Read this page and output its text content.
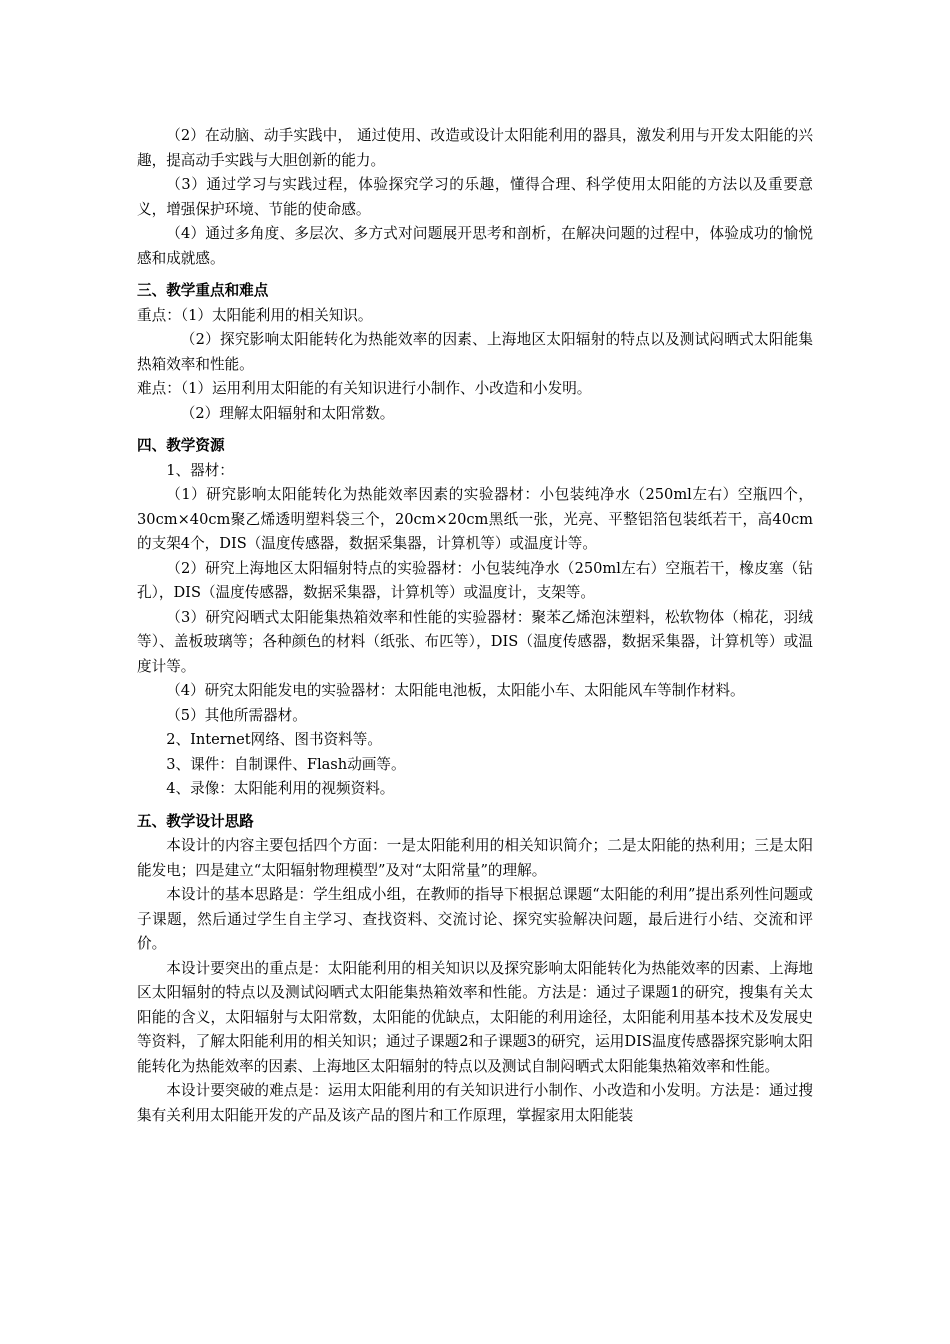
（2）在动脑、动手实践中， 通过使用、改造或设计太阳能利用的器具，激发利用与开发太阳能的兴趣，提高动手实践与大胆创新的能力。

（3）通过学习与实践过程，体验探究学习的乐趣，懂得合理、科学使用太阳能的方法以及重要意义，增强保护环境、节能的使命感。

（4）通过多角度、多层次、多方式对问题展开思考和剖析，在解决问题的过程中，体验成功的愉悦感和成就感。

三、教学重点和难点

重点：（1）太阳能利用的相关知识。

（2）探究影响太阳能转化为热能效率的因素、上海地区太阳辐射的特点以及测试闷晒式太阳能集热箱效率和性能。

难点：（1）运用利用太阳能的有关知识进行小制作、小改造和小发明。

（2）理解太阳辐射和太阳常数。

四、教学资源

1、器材：

（1）研究影响太阳能转化为热能效率因素的实验器材：小包装纯净水（250ml左右）空瓶四个，30cm×40cm聚乙烯透明塑料袋三个，20cm×20cm黑纸一张，光亮、平整铝箔包装纸若干，高40cm的支架4个，DIS（温度传感器，数据采集器，计算机等）或温度计等。

（2）研究上海地区太阳辐射特点的实验器材：小包装纯净水（250ml左右）空瓶若干，橡皮塞（钻孔），DIS（温度传感器，数据采集器，计算机等）或温度计，支架等。

（3）研究闷晒式太阳能集热箱效率和性能的实验器材：聚苯乙烯泡沫塑料，松软物体（棉花，羽绒等）、盖板玻璃等；各种颜色的材料（纸张、布匹等），DIS（温度传感器，数据采集器，计算机等）或温度计等。

（4）研究太阳能发电的实验器材：太阳能电池板，太阳能小车、太阳能风车等制作材料。

（5）其他所需器材。

2、Internet网络、图书资料等。

3、课件：自制课件、Flash动画等。

4、录像：太阳能利用的视频资料。

五、教学设计思路

本设计的内容主要包括四个方面：一是太阳能利用的相关知识简介；二是太阳能的热利用；三是太阳能发电；四是建立“太阳辐射物理模型”及对“太阳常量”的理解。

本设计的基本思路是：学生组成小组，在教师的指导下根据总课题“太阳能的利用”提出系列性问题或子课题，然后通过学生自主学习、查找资料、交流讨论、探究实验解决问题，最后进行小结、交流和评价。

本设计要突出的重点是：太阳能利用的相关知识以及探究影响太阳能转化为热能效率的因素、上海地区太阳辐射的特点以及测试闷晒式太阳能集热箱效率和性能。方法是：通过子课题1的研究，搜集有关太阳能的含义，太阳辐射与太阳常数，太阳能的优缺点，太阳能的利用途径，太阳能利用基本技术及发展史等资料，了解太阳能利用的相关知识；通过子课题2和子课题3的研究，运用DIS温度传感器探究影响太阳能转化为热能效率的因素、上海地区太阳辐射的特点以及测试自制闷晒式太阳能集热箱效率和性能。

本设计要突破的难点是：运用太阳能利用的有关知识进行小制作、小改造和小发明。方法是：通过搜集有关利用太阳能开发的产品及该产品的图片和工作原理，掌握家用太阳能装
